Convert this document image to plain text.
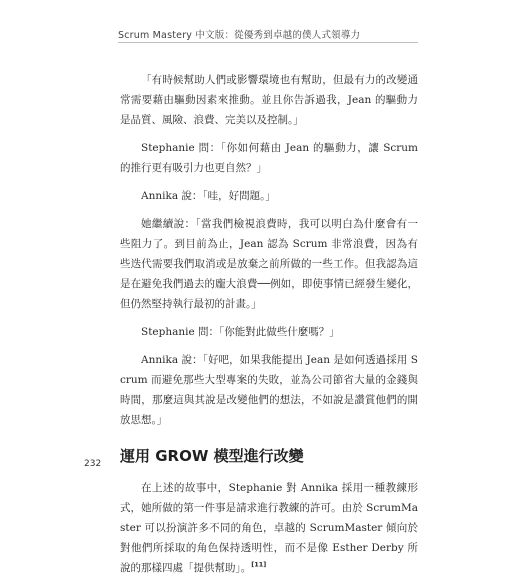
Scrum Mastery 中文版：從優秀到卓越的僕人式領導力

「有時候幫助人們或影響環境也有幫助，但最有力的改變通常需要藉由驅動因素來推動。並且你告訴過我，Jean 的驅動力是品質、風險、浪費、完美以及控制。」

Stephanie 問：「你如何藉由 Jean 的驅動力，讓 Scrum 的推行更有吸引力也更自然？」

Annika 說：「哇，好問題。」

她繼續說：「當我們檢視浪費時，我可以明白為什麼會有一些阻力了。到目前為止，Jean 認為 Scrum 非常浪費，因為有些迭代需要我們取消或是放棄之前所做的一些工作。但我認為這是在避免我們過去的龐大浪費──例如，即使事情已經發生變化，但仍然堅持執行最初的計畫。」

Stephanie 問：「你能對此做些什麼嗎？」

Annika 說：「好吧，如果我能提出 Jean 是如何透過採用 Scrum 而避免那些大型專案的失敗，並為公司節省大量的金錢與時間，那麼這與其說是改變他們的想法，不如說是讚賞他們的開放思想。」

運用 GROW 模型進行改變

在上述的故事中，Stephanie 對 Annika 採用一種教練形式，她所做的第一件事是請求進行教練的許可。由於 ScrumMaster 可以扮演許多不同的角色，卓越的 ScrumMaster 傾向於對他們所採取的角色保持透明性，而不是像 Esther Derby 所說的那樣四處「提供幫助」。[11]

232
